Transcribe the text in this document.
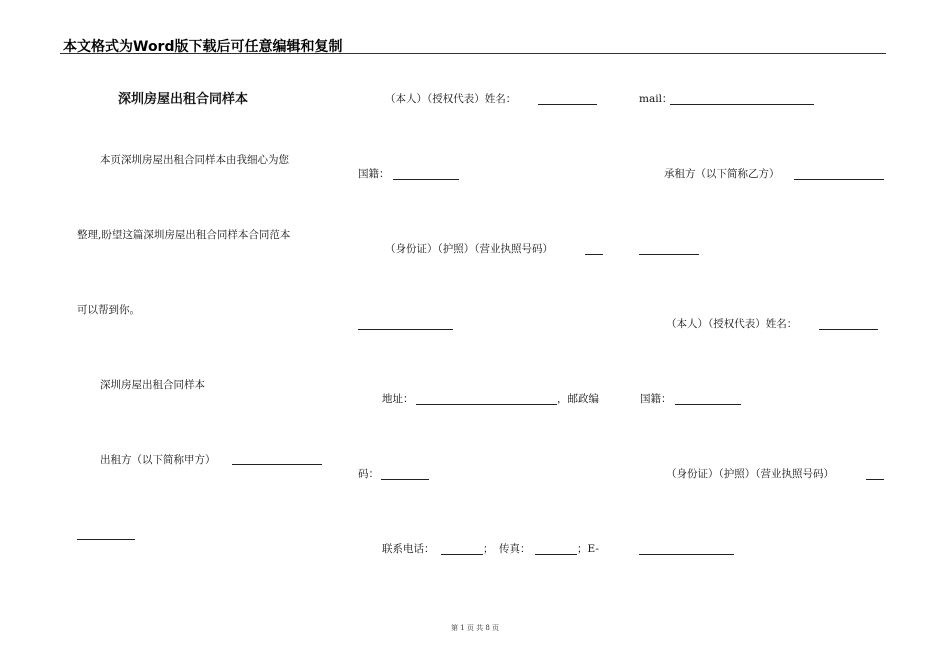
本文格式为Word版下载后可任意编辑和复制
深圳房屋出租合同样本
本页深圳房屋出租合同样本由我细心为您
整理,盼望这篇深圳房屋出租合同样本合同范本
可以帮到你。
深圳房屋出租合同样本
出租方（以下简称甲方）
（本人）（授权代表）姓名：
国籍：
（身份证）（护照）（营业执照号码）
地址：	，邮政编
码：
联系电话：	； 传真：	；E-
mail：
承租方（以下简称乙方）
（本人）（授权代表）姓名：
国籍：
（身份证）（护照）（营业执照号码）
第 1 页 共 8 页
